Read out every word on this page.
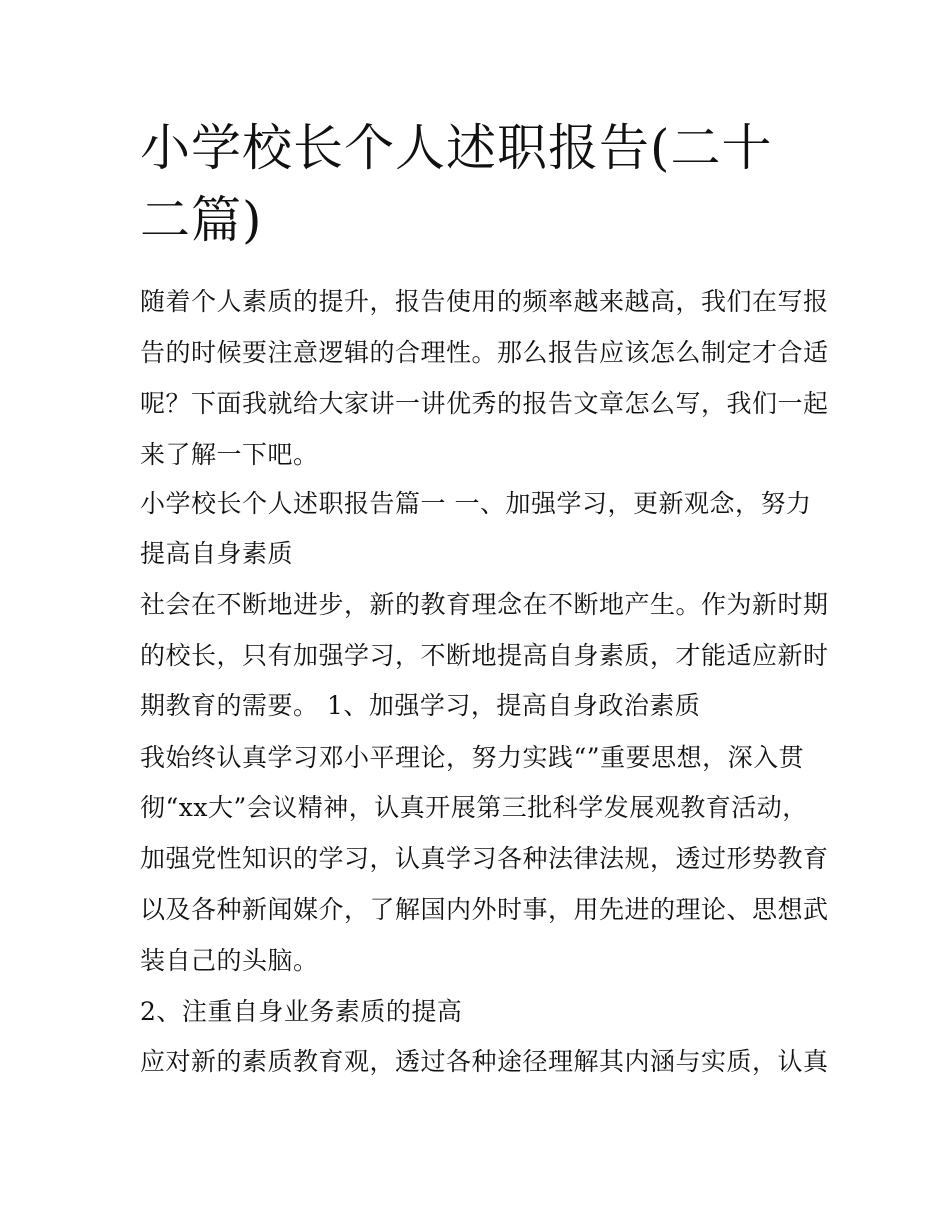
小学校长个人述职报告(二十二篇)

随着个人素质的提升，报告使用的频率越来越高，我们在写报

告的时候要注意逻辑的合理性。那么报告应该怎么制定才合适

呢？下面我就给大家讲一讲优秀的报告文章怎么写，我们一起

来了解一下吧。

小学校长个人述职报告篇一 一、加强学习，更新观念，努力

提高自身素质

社会在不断地进步，新的教育理念在不断地产生。作为新时期

的校长，只有加强学习，不断地提高自身素质，才能适应新时

期教育的需要。 1、加强学习，提高自身政治素质

我始终认真学习邓小平理论，努力实践“”重要思想，深入贯

彻“xx大”会议精神，认真开展第三批科学发展观教育活动，

加强党性知识的学习，认真学习各种法律法规，透过形势教育

以及各种新闻媒介，了解国内外时事，用先进的理论、思想武

装自己的头脑。

2、注重自身业务素质的提高

应对新的素质教育观，透过各种途径理解其内涵与实质，认真
